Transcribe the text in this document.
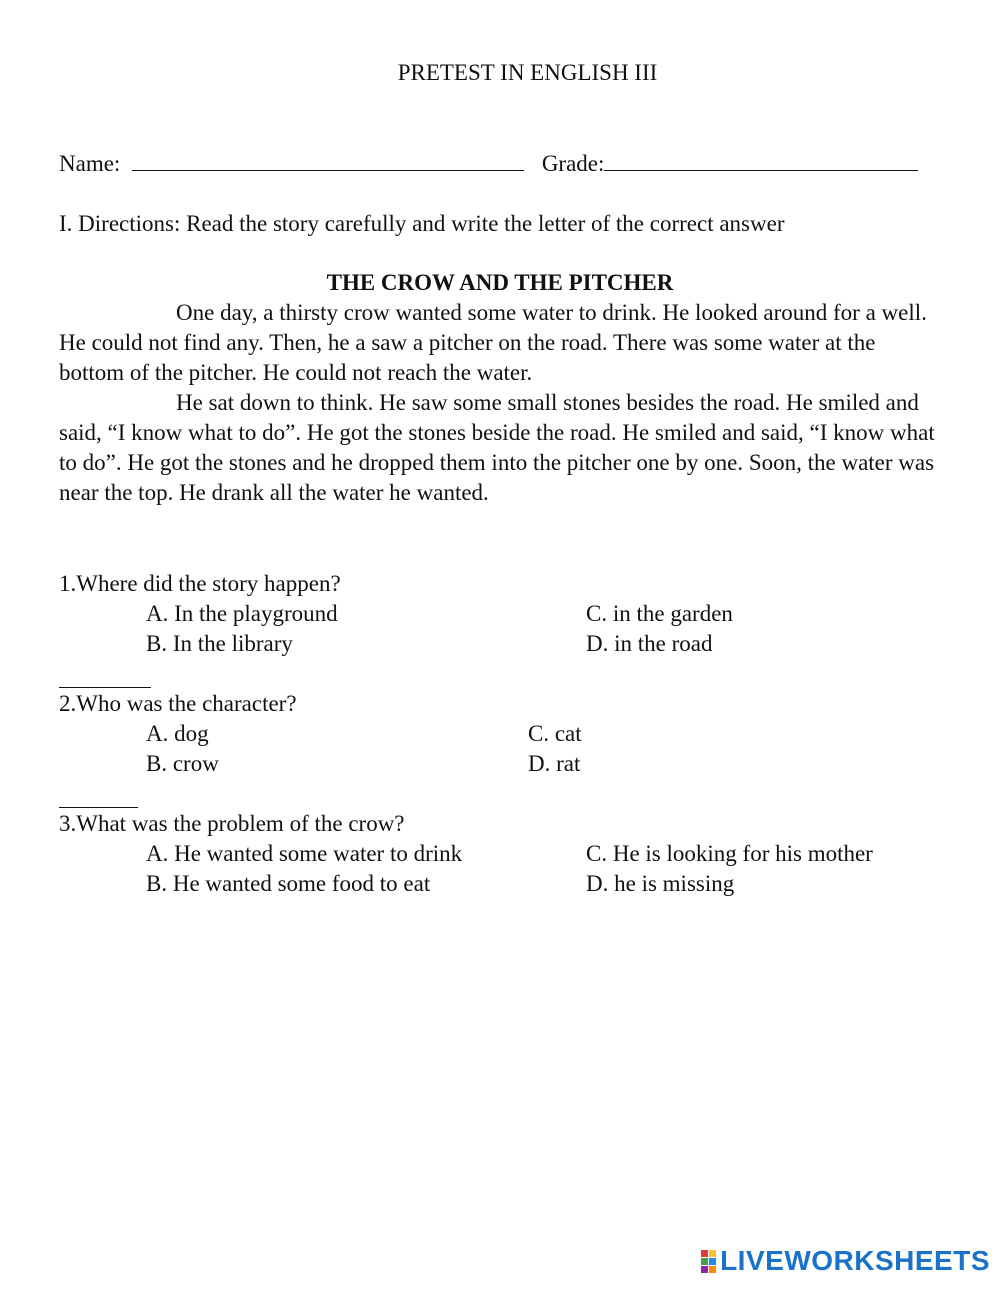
PRETEST IN ENGLISH III
Name:	Grade:
I. Directions: Read the story carefully and write the letter of the correct answer
THE CROW AND THE PITCHER

One day, a thirsty crow wanted some water to drink. He looked around for a well. He could not find any. Then, he a saw a pitcher on the road. There was some water at the bottom of the pitcher. He could not reach the water.

He sat down to think. He saw some small stones besides the road. He smiled and said, “I know what to do”. He got the stones beside the road. He smiled and said, “I know what to do”. He got the stones and he dropped them into the pitcher one by one. Soon, the water was near the top. He drank all the water he wanted.

1.Where did the story happen?
A. In the playground
B. In the library
C. in the garden
D. in the road
2.Who was the character?
A. dog
B. crow
C. cat
D. rat
3.What was the problem of the crow?
A. He wanted some water to drink
B. He wanted some food to eat
C. He is looking for his mother
D. he is missing
LIVEWORKSHEETS
